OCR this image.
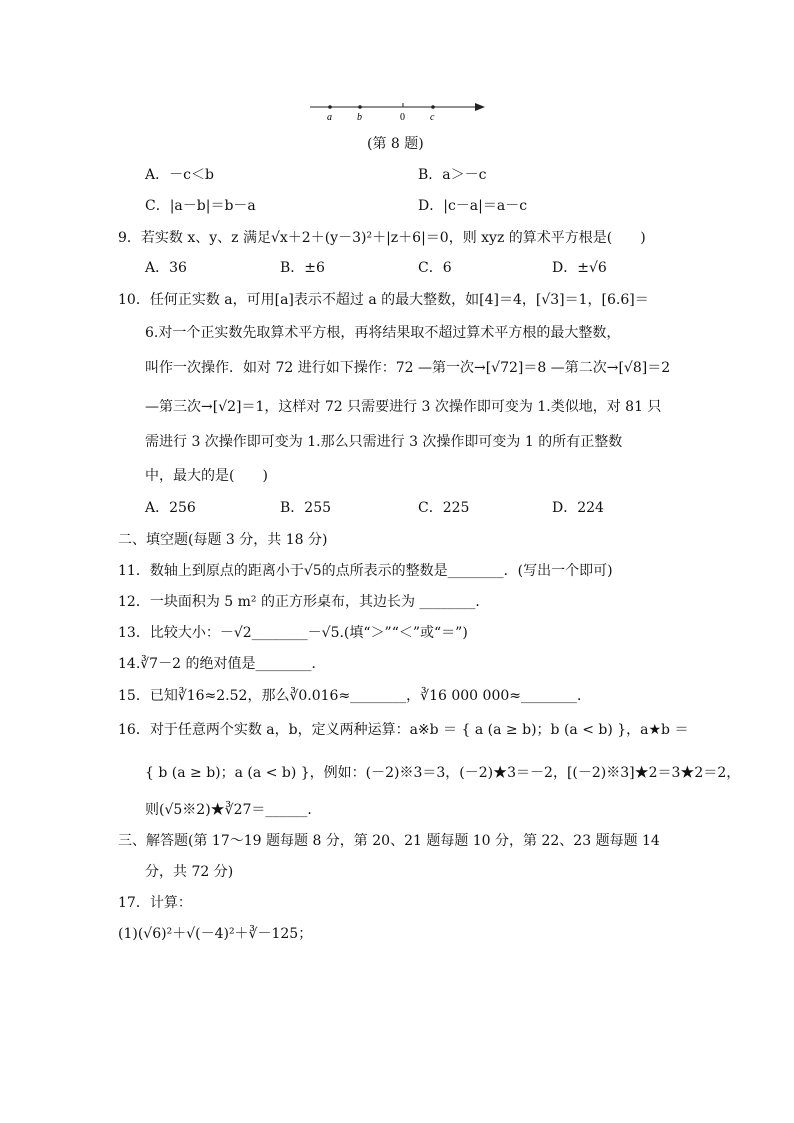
a	b	0	c
(第 8 题)
A．－c＜b	B．a＞－c
C．|a－b|＝b－a	D．|c－a|＝a－c
9．若实数 x、y、z 满足√x＋2＋(y－3)²＋|z＋6|＝0，则 xyz 的算术平方根是(　　)
A．36	B．±6	C．6	D．±√6
10．任何正实数 a，可用[a]表示不超过 a 的最大整数，如[4]＝4，[√3]＝1，[6.6]＝
6.对一个正实数先取算术平方根，再将结果取不超过算术平方根的最大整数，
叫作一次操作．如对 72 进行如下操作：72 —第一次→[√72]＝8 —第二次→[√8]＝2
—第三次→[√2]＝1，这样对 72 只需要进行 3 次操作即可变为 1.类似地，对 81 只
需进行 3 次操作即可变为 1.那么只需进行 3 次操作即可变为 1 的所有正整数
中，最大的是(　　)
A．256	B．255	C．225	D．224
二、填空题(每题 3 分，共 18 分)
11．数轴上到原点的距离小于√5的点所表示的整数是________．(写出一个即可)
12．一块面积为 5 m² 的正方形桌布，其边长为 ________．
13．比较大小：－√2________－√5.(填“＞”“＜”或“＝”)
14.∛7－2 的绝对值是________．
15．已知∛16≈2.52，那么∛0.016≈________，∛16 000 000≈________．
16．对于任意两个实数 a，b，定义两种运算：a※b ＝ { a (a ≥ b)；b (a < b) }，a★b ＝
{ b (a ≥ b)；a (a < b) }，例如：(－2)※3＝3，(－2)★3＝－2，[(－2)※3]★2＝3★2＝2，
则(√5※2)★∛27＝______．
三、解答题(第 17～19 题每题 8 分，第 20、21 题每题 10 分，第 22、23 题每题 14
分，共 72 分)
17．计算：
(1)(√6)²＋√(－4)²＋∛－125；
